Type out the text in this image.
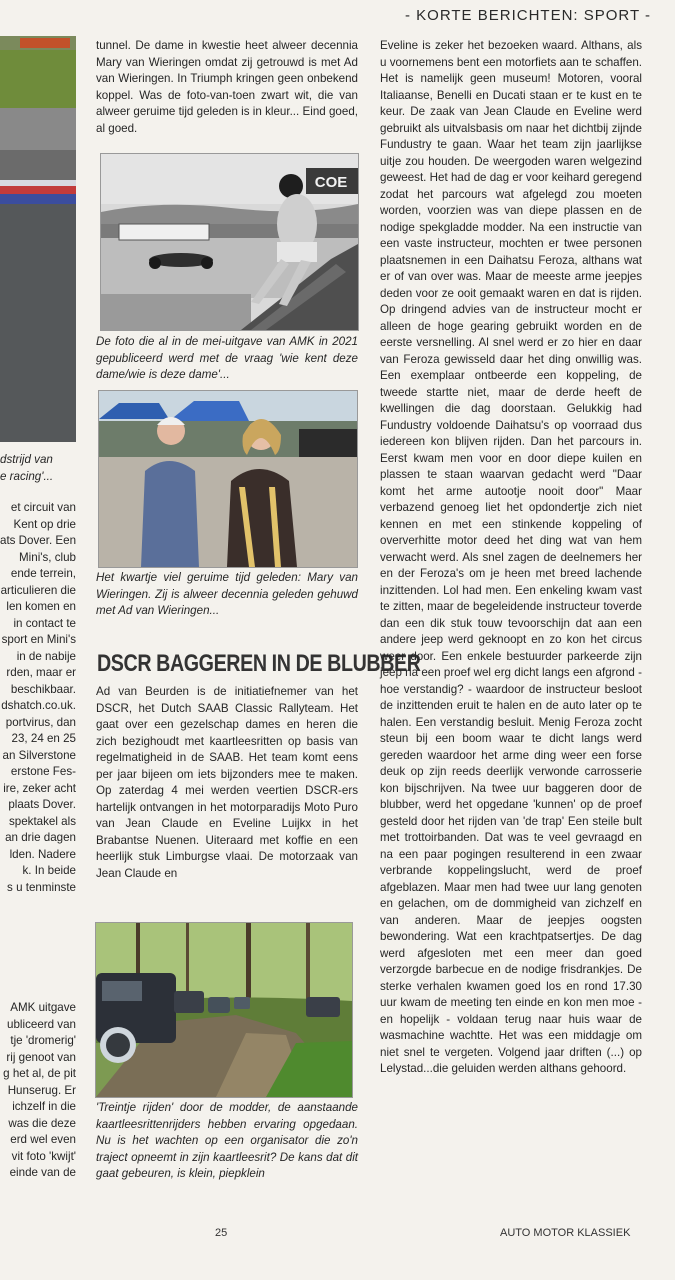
- KORTE BERICHTEN: SPORT -
dstrijd van
e racing'...
et circuit van
Kent op drie
ats Dover. Een
Mini's, club
ende terrein,
articulieren die
len komen en
in contact te
sport en Mini's
in de nabije
rden, maar er
beschikbaar.
dshatch.co.uk.
portvirus, dan
23, 24 en 25
an Silverstone
erstone Fes-
ire, zeker acht
plaats Dover.
spektakel als
an drie dagen
lden. Nadere
k. In beide
s u tenminste
AMK uitgave
ubliceerd van
tje 'dromerig'
rij genoot van
g het al, de pit
Hunserug. Er
ichzelf in die
was die deze
erd wel even
vit foto 'kwijt'
einde van de

tunnel. De dame in kwestie heet alweer decennia Mary van Wieringen omdat zij getrouwd is met Ad van Wieringen. In Triumph kringen geen onbekend koppel. Was de foto-van-toen zwart wit, die van alweer geruime tijd geleden is in kleur... Eind goed, al goed.

COE

De foto die al in de mei-uitgave van AMK in 2021 gepubliceerd werd met de vraag 'wie kent deze dame/wie is deze dame'...

Het kwartje viel geruime tijd geleden: Mary van Wieringen. Zij is alweer decennia geleden gehuwd met Ad van Wieringen...

DSCR BAGGEREN IN DE BLUBBER

Ad van Beurden is de initiatiefnemer van het DSCR, het Dutch SAAB Classic Rallyteam. Het gaat over een gezelschap dames en heren die zich bezighoudt met kaartleesritten op basis van regelmatigheid in de SAAB. Het team komt eens per jaar bijeen om iets bijzonders mee te maken. Op zaterdag 4 mei werden veertien DSCR-ers hartelijk ontvangen in het motorparadijs Moto Puro van Jean Claude en Eveline Luijkx in het Brabantse Nuenen. Uiteraard met koffie en een heerlijk stuk Limburgse vlaai. De motorzaak van Jean Claude en

'Treintje rijden' door de modder, de aanstaande kaartleesrittenrijders hebben ervaring opgedaan. Nu is het wachten op een organisator die zo'n traject opneemt in zijn kaartleesrit? De kans dat dit gaat gebeuren, is klein, piepklein

Eveline is zeker het bezoeken waard. Althans, als u voornemens bent een motorfiets aan te schaffen. Het is namelijk geen museum! Motoren, vooral Italiaanse, Benelli en Ducati staan er te kust en te keur. De zaak van Jean Claude en Eveline werd gebruikt als uitvalsbasis om naar het dichtbij zijnde Fundustry te gaan. Waar het team zijn jaarlijkse uitje zou houden. De weergoden waren welgezind geweest. Het had de dag er voor keihard geregend zodat het parcours wat afgelegd zou moeten worden, voorzien was van diepe plassen en de nodige spekgladde modder. Na een instructie van een vaste instructeur, mochten er twee personen plaatsnemen in een Daihatsu Feroza, althans wat er of van over was. Maar de meeste arme jeepjes deden voor ze ooit gemaakt waren en dat is rijden. Op dringend advies van de instructeur mocht er alleen de hoge gearing gebruikt worden en de eerste versnelling. Al snel werd er zo hier en daar van Feroza gewisseld daar het ding onwillig was. Een exemplaar ontbeerde een koppeling, de tweede startte niet, maar de derde heeft de kwellingen die dag doorstaan. Gelukkig had Fundustry voldoende Daihatsu's op voorraad dus iedereen kon blijven rijden. Dan het parcours in. Eerst kwam men voor en door diepe kuilen en plassen te staan waarvan gedacht werd "Daar komt het arme autootje nooit door" Maar verbazend genoeg liet het opdondertje zich niet kennen en met een stinkende koppeling of oververhitte motor deed het ding wat van hem verwacht werd. Als snel zagen de deelnemers her en der Feroza's om je heen met breed lachende inzittenden. Lol had men. Een enkeling kwam vast te zitten, maar de begeleidende instructeur toverde dan een dik stuk touw tevoorschijn dat aan een andere jeep werd geknoopt en zo kon het circus weer door. Een enkele bestuurder parkeerde zijn jeep na een proef wel erg dicht langs een afgrond - hoe verstandig? - waardoor de instructeur besloot de inzittenden eruit te halen en de auto later op te halen. Een verstandig besluit. Menig Feroza zocht steun bij een boom waar te dicht langs werd gereden waardoor het arme ding weer een forse deuk op zijn reeds deerlijk verwonde carrosserie kon bijschrijven. Na twee uur baggeren door de blubber, werd het opgedane 'kunnen' op de proef gesteld door het rijden van 'de trap' Een steile bult met trottoirbanden. Dat was te veel gevraagd en na een paar pogingen resulterend in een zwaar verbrande koppelingslucht, werd de proef afgeblazen. Maar men had twee uur lang genoten en gelachen, om de dommigheid van zichzelf en van anderen. Maar de jeepjes oogsten bewondering. Wat een krachtpatsertjes. De dag werd afgesloten met een meer dan goed verzorgde barbecue en de nodige frisdrankjes. De sterke verhalen kwamen goed los en rond 17.30 uur kwam de meeting ten einde en kon men moe - en hopelijk - voldaan terug naar huis waar de wasmachine wachtte. Het was een middagje om niet snel te vergeten. Volgend jaar driften (...) op Lelystad...die geluiden werden althans gehoord.

25	AUTO MOTOR KLASSIEK
